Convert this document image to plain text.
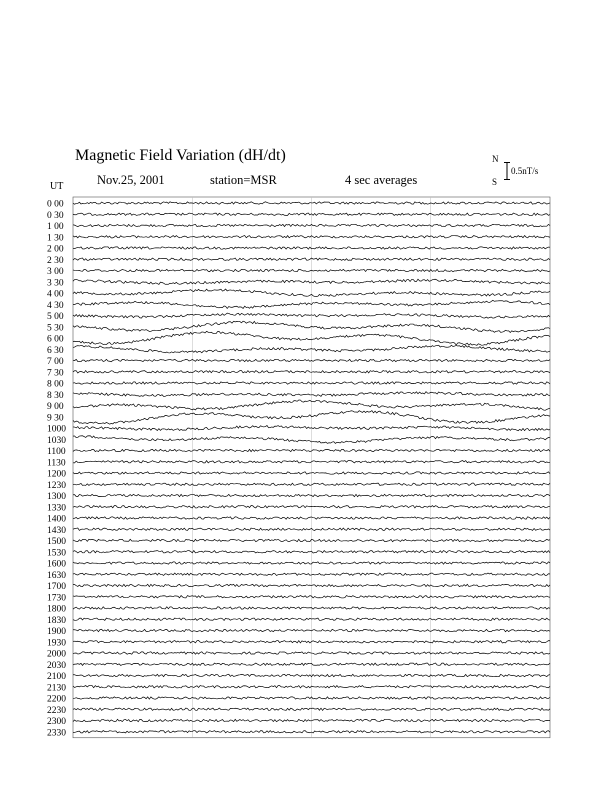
Magnetic Field Variation (dH/dt)
Nov.25, 2001	station=MSR	4 sec averages
UT
N
S
0.5nT/s
0 00
0 30
1 00
1 30
2 00
2 30
3 00
3 30
4 00
4 30
5 00
5 30
6 00
6 30
7 00
7 30
8 00
8 30
9 00
9 30
1000
1030
1100
1130
1200
1230
1300
1330
1400
1430
1500
1530
1600
1630
1700
1730
1800
1830
1900
1930
2000
2030
2100
2130
2200
2230
2300
2330
